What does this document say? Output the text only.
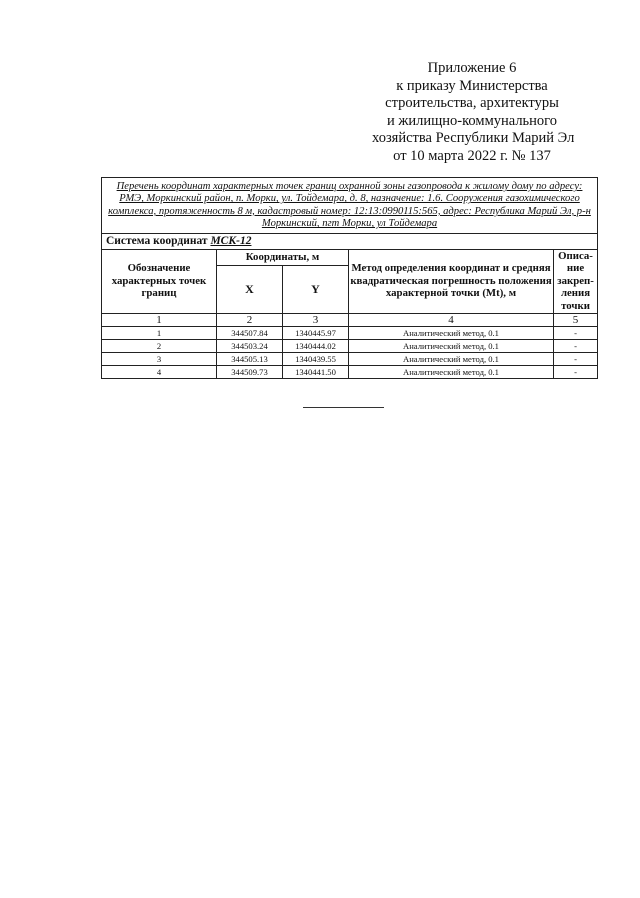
Приложение 6
к приказу Министерства
строительства, архитектуры
и жилищно-коммунального
хозяйства Республики Марий Эл
от 10 марта 2022 г. № 137
Перечень координат характерных точек границ охранной зоны газопровода к жилому дому по адресу: РМЭ, Моркинский район, п. Морки, ул. Тойдемара, д. 8, назначение: 1.6. Сооружения газохимического комплекса, протяженность 8 м, кадастровый номер: 12:13:0990115:565, адрес: Республика Марий Эл, р-н Моркинский, пгт Морки, ул Тойдемара				
Система координат МСК-12				
Обозначение характерных точек границ	Координаты, м		Метод определения координат и средняя квадратическая погрешность положения характерной точки (Mt), м	Описа-ние закреп-ления точки
	X	Y		
1	2	3	4	5
1	344507.84	1340445.97	Аналитический метод, 0.1	-
2	344503.24	1340444.02	Аналитический метод, 0.1	-
3	344505.13	1340439.55	Аналитический метод, 0.1	-
4	344509.73	1340441.50	Аналитический метод, 0.1	-
